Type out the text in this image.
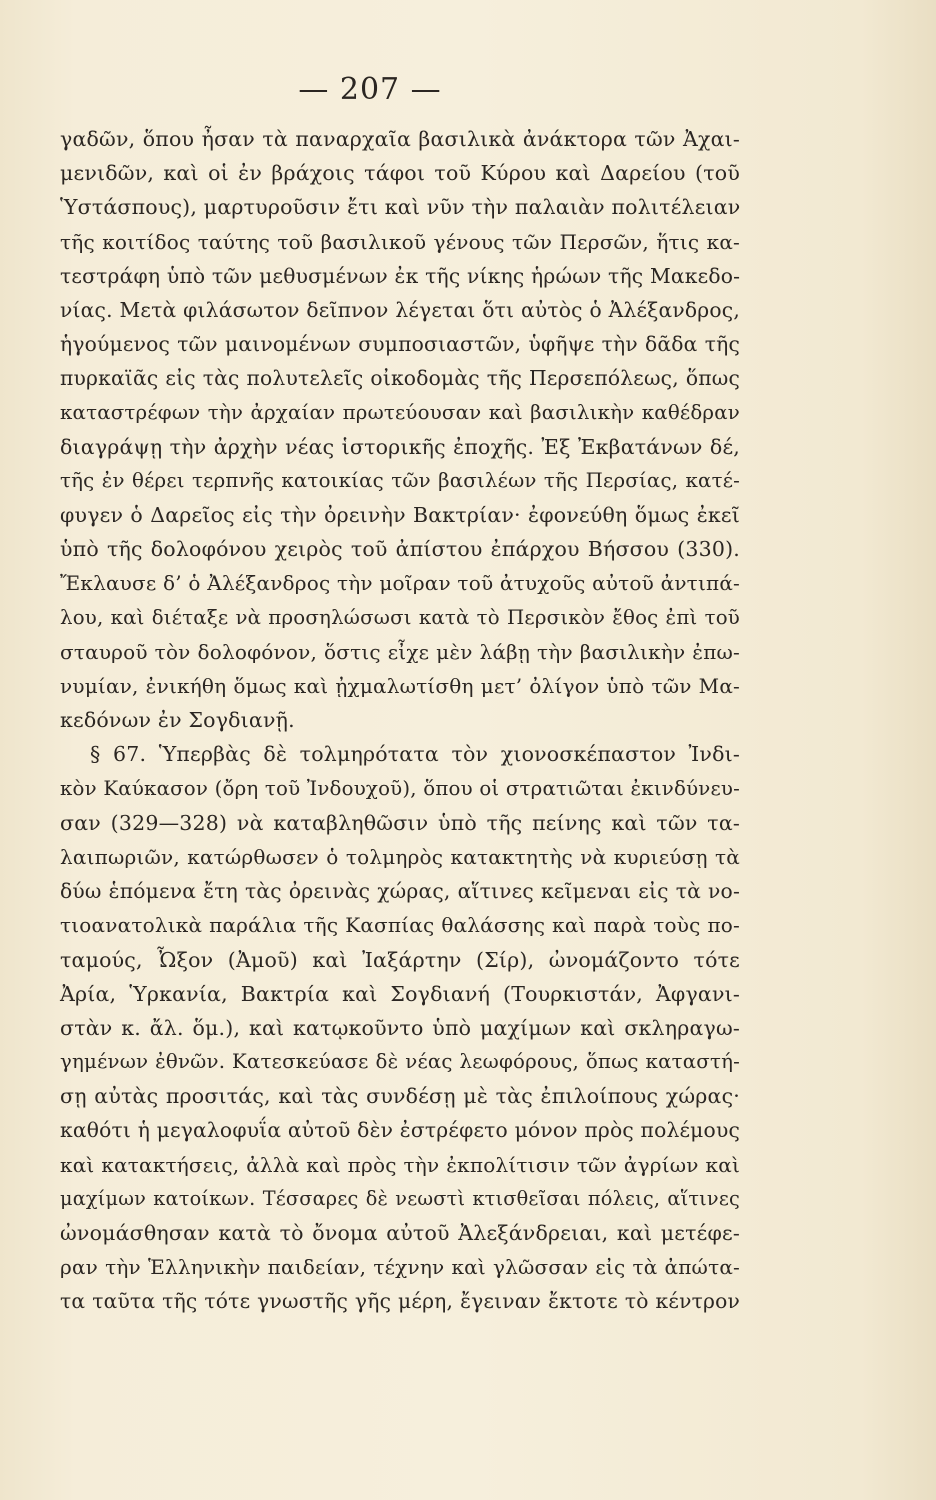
— 207 —
γαδῶν, ὅπου ἦσαν τὰ παναρχαῖα βασιλικὰ ἀνάκτορα τῶν Ἀχαι-
μενιδῶν, καὶ οἱ ἐν βράχοις τάφοι τοῦ Κύρου καὶ Δαρείου (τοῦ
Ὑστάσπους), μαρτυροῦσιν ἔτι καὶ νῦν τὴν παλαιὰν πολιτέλειαν
τῆς κοιτίδος ταύτης τοῦ βασιλικοῦ γένους τῶν Περσῶν, ἥτις κα-
τεστράφη ὑπὸ τῶν μεθυσμένων ἐκ τῆς νίκης ἡρώων τῆς Μακεδο-
νίας. Μετὰ φιλάσωτον δεῖπνον λέγεται ὅτι αὐτὸς ὁ Ἀλέξανδρος,
ἡγούμενος τῶν μαινομένων συμποσιαστῶν, ὑφῆψε τὴν δᾶδα τῆς
πυρκαϊᾶς εἰς τὰς πολυτελεῖς οἰκοδομὰς τῆς Περσεπόλεως, ὅπως
καταστρέφων τὴν ἀρχαίαν πρωτεύουσαν καὶ βασιλικὴν καθέδραν
διαγράψῃ τὴν ἀρχὴν νέας ἱστορικῆς ἐποχῆς. Ἐξ Ἐκβατάνων δέ,
τῆς ἐν θέρει τερπνῆς κατοικίας τῶν βασιλέων τῆς Περσίας, κατέ-
φυγεν ὁ Δαρεῖος εἰς τὴν ὀρεινὴν Βακτρίαν· ἐφονεύθη ὅμως ἐκεῖ
ὑπὸ τῆς δολοφόνου χειρὸς τοῦ ἀπίστου ἐπάρχου Βήσσου (330).
Ἔκλαυσε δ’ ὁ Ἀλέξανδρος τὴν μοῖραν τοῦ ἀτυχοῦς αὐτοῦ ἀντιπά-
λου, καὶ διέταξε νὰ προσηλώσωσι κατὰ τὸ Περσικὸν ἔθος ἐπὶ τοῦ
σταυροῦ τὸν δολοφόνον, ὅστις εἶχε μὲν λάβῃ τὴν βασιλικὴν ἐπω-
νυμίαν, ἐνικήθη ὅμως καὶ ᾐχμαλωτίσθη μετ’ ὀλίγον ὑπὸ τῶν Μα-
κεδόνων ἐν Σογδιανῇ.
§ 67. Ὑπερβὰς δὲ τολμηρότατα τὸν χιονοσκέπαστον Ἰνδι-
κὸν Καύκασον (ὄρη τοῦ Ἰνδουχοῦ), ὅπου οἱ στρατιῶται ἐκινδύνευ-
σαν (329—328) νὰ καταβληθῶσιν ὑπὸ τῆς πείνης καὶ τῶν τα-
λαιπωριῶν, κατώρθωσεν ὁ τολμηρὸς κατακτητὴς νὰ κυριεύσῃ τὰ
δύω ἑπόμενα ἔτη τὰς ὀρεινὰς χώρας, αἵτινες κεῖμεναι εἰς τὰ νο-
τιοανατολικὰ παράλια τῆς Κασπίας θαλάσσης καὶ παρὰ τοὺς πο-
ταμούς, Ὦξον (Ἀμοῦ) καὶ Ἰαξάρτην (Σίρ), ὠνομάζοντο τότε
Ἀρία, Ὑρκανία, Βακτρία καὶ Σογδιανή (Τουρκιστάν, Ἀφγανι-
στὰν κ. ἄλ. ὅμ.), καὶ κατῳκοῦντο ὑπὸ μαχίμων καὶ σκληραγω-
γημένων ἐθνῶν. Κατεσκεύασε δὲ νέας λεωφόρους, ὅπως καταστή-
σῃ αὐτὰς προσιτάς, καὶ τὰς συνδέσῃ μὲ τὰς ἐπιλοίπους χώρας·
καθότι ἡ μεγαλοφυΐα αὐτοῦ δὲν ἐστρέφετο μόνον πρὸς πολέμους
καὶ κατακτήσεις, ἀλλὰ καὶ πρὸς τὴν ἐκπολίτισιν τῶν ἀγρίων καὶ
μαχίμων κατοίκων. Τέσσαρες δὲ νεωστὶ κτισθεῖσαι πόλεις, αἵτινες
ὠνομάσθησαν κατὰ τὸ ὄνομα αὐτοῦ Ἀλεξάνδρειαι, καὶ μετέφε-
ραν τὴν Ἑλληνικὴν παιδείαν, τέχνην καὶ γλῶσσαν εἰς τὰ ἀπώτα-
τα ταῦτα τῆς τότε γνωστῆς γῆς μέρη, ἔγειναν ἔκτοτε τὸ κέντρον
